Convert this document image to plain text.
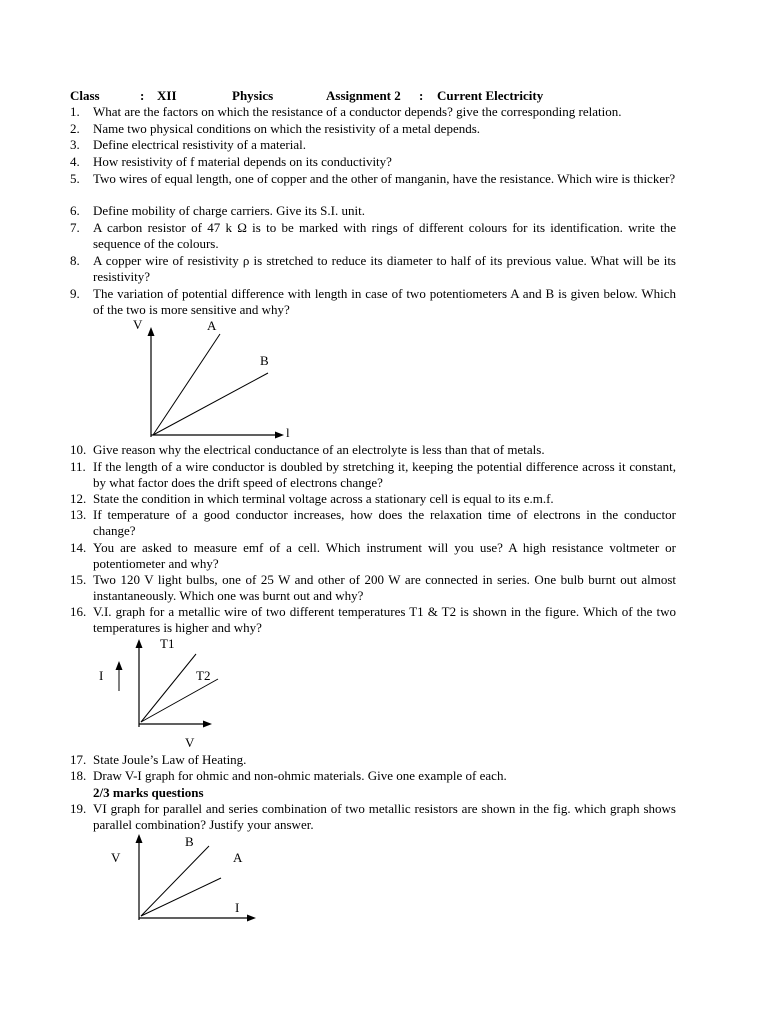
Class	: XII	Physics	Assignment 2 : Current Electricity
1.	What are the factors on which the resistance of a conductor depends? give the corresponding relation.
2.	Name two physical conditions on which the resistivity of a metal depends.
3.	Define electrical resistivity of a material.
4.	How resistivity of f material depends on its conductivity?
5.	Two wires of equal length, one of copper and the other of manganin, have the resistance. Which wire is thicker?
6.	Define mobility of charge carriers. Give its S.I. unit.
7.	A carbon resistor of 47 k Ω is to be marked with rings of different colours for its identification. write the sequence of the colours.
8.	A copper wire of resistivity ρ is stretched to reduce its diameter to half of its previous value. What will be its resistivity?
9.	The variation of potential difference with length in case of two potentiometers A and B is given below. Which of the two is more sensitive and why?
V	A
B
l
10. Give reason why the electrical conductance of an electrolyte is less than that of metals.
11. If the length of a wire conductor is doubled by stretching it, keeping the potential difference across it constant, by what factor does the drift speed of electrons change?
12. State the condition in which terminal voltage across a stationary cell is equal to its e.m.f.
13. If temperature of a good conductor increases, how does the relaxation time of electrons in the conductor change?
14. You are asked to measure emf of a cell. Which instrument will you use? A high resistance voltmeter or potentiometer and why?
15. Two 120 V light bulbs, one of 25 W and other of 200 W are connected in series. One bulb burnt out almost instantaneously. Which one was burnt out and why?
16. V.I. graph for a metallic wire of two different temperatures T1 & T2 is shown in the figure. Which of the two temperatures is higher and why?
I
T1
T2
V
17. State Joule’s Law of Heating.
18. Draw V-I graph for ohmic and non-ohmic materials. Give one example of each.
2/3 marks questions
19. VI graph for parallel and series combination of two metallic resistors are shown in the fig. which graph shows parallel combination? Justify your answer.
V
B
A
I
